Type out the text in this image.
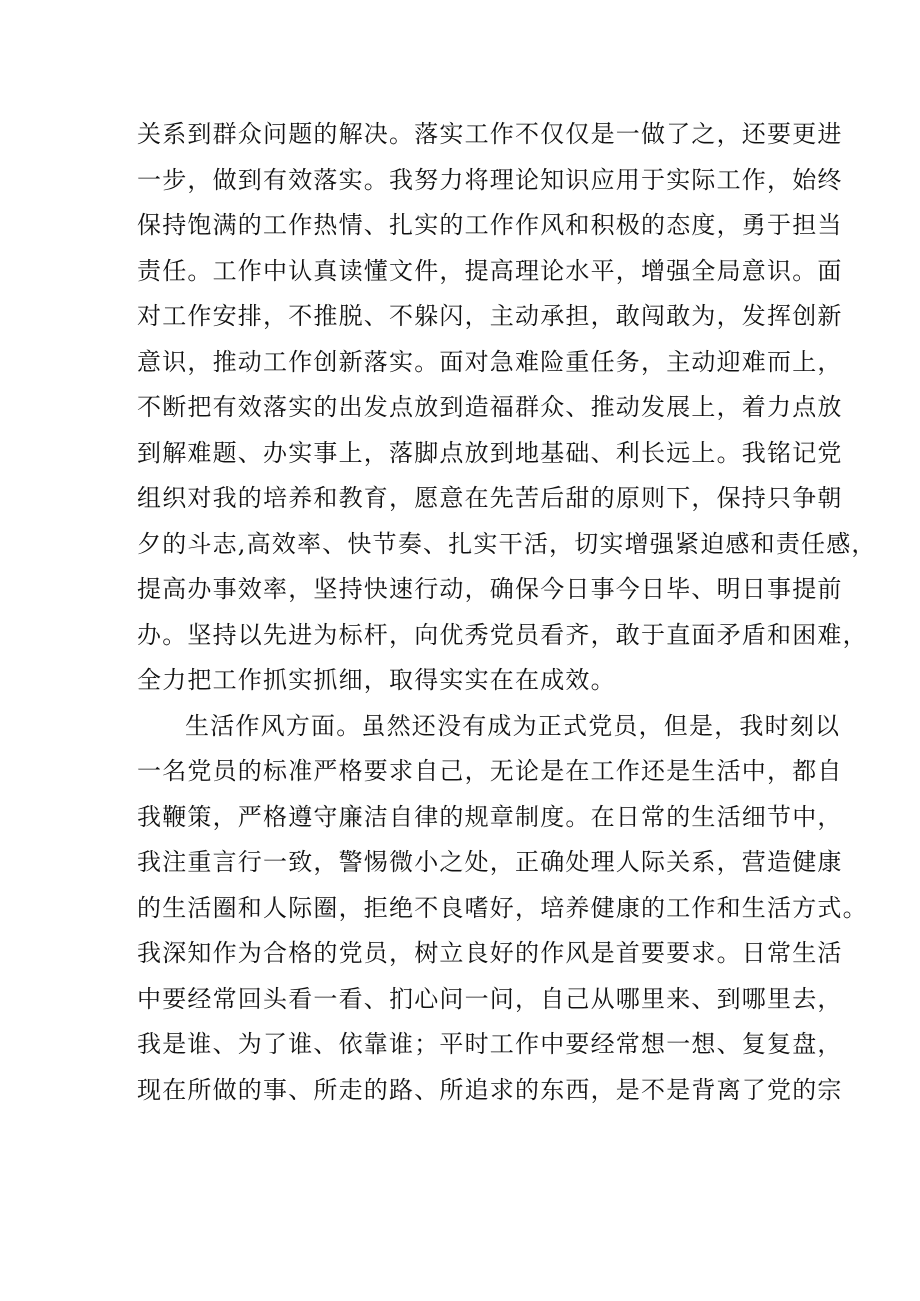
关系到群众问题的解决。落实工作不仅仅是一做了之，还要更进
一步，做到有效落实。我努力将理论知识应用于实际工作，始终
保持饱满的工作热情、扎实的工作作风和积极的态度，勇于担当
责任。工作中认真读懂文件，提高理论水平，增强全局意识。面
对工作安排，不推脱、不躲闪，主动承担，敢闯敢为，发挥创新
意识，推动工作创新落实。面对急难险重任务，主动迎难而上，
不断把有效落实的出发点放到造福群众、推动发展上，着力点放
到解难题、办实事上，落脚点放到地基础、利长远上。我铭记党
组织对我的培养和教育，愿意在先苦后甜的原则下，保持只争朝
夕的斗志,高效率、快节奏、扎实干活，切实增强紧迫感和责任感，
提高办事效率，坚持快速行动，确保今日事今日毕、明日事提前
办。坚持以先进为标杆，向优秀党员看齐，敢于直面矛盾和困难，
全力把工作抓实抓细，取得实实在在成效。
生活作风方面。虽然还没有成为正式党员，但是，我时刻以
一名党员的标准严格要求自己，无论是在工作还是生活中，都自
我鞭策，严格遵守廉洁自律的规章制度。在日常的生活细节中，
我注重言行一致，警惕微小之处，正确处理人际关系，营造健康
的生活圈和人际圈，拒绝不良嗜好，培养健康的工作和生活方式。
我深知作为合格的党员，树立良好的作风是首要要求。日常生活
中要经常回头看一看、扪心问一问，自己从哪里来、到哪里去，
我是谁、为了谁、依靠谁；平时工作中要经常想一想、复复盘，
现在所做的事、所走的路、所追求的东西，是不是背离了党的宗
